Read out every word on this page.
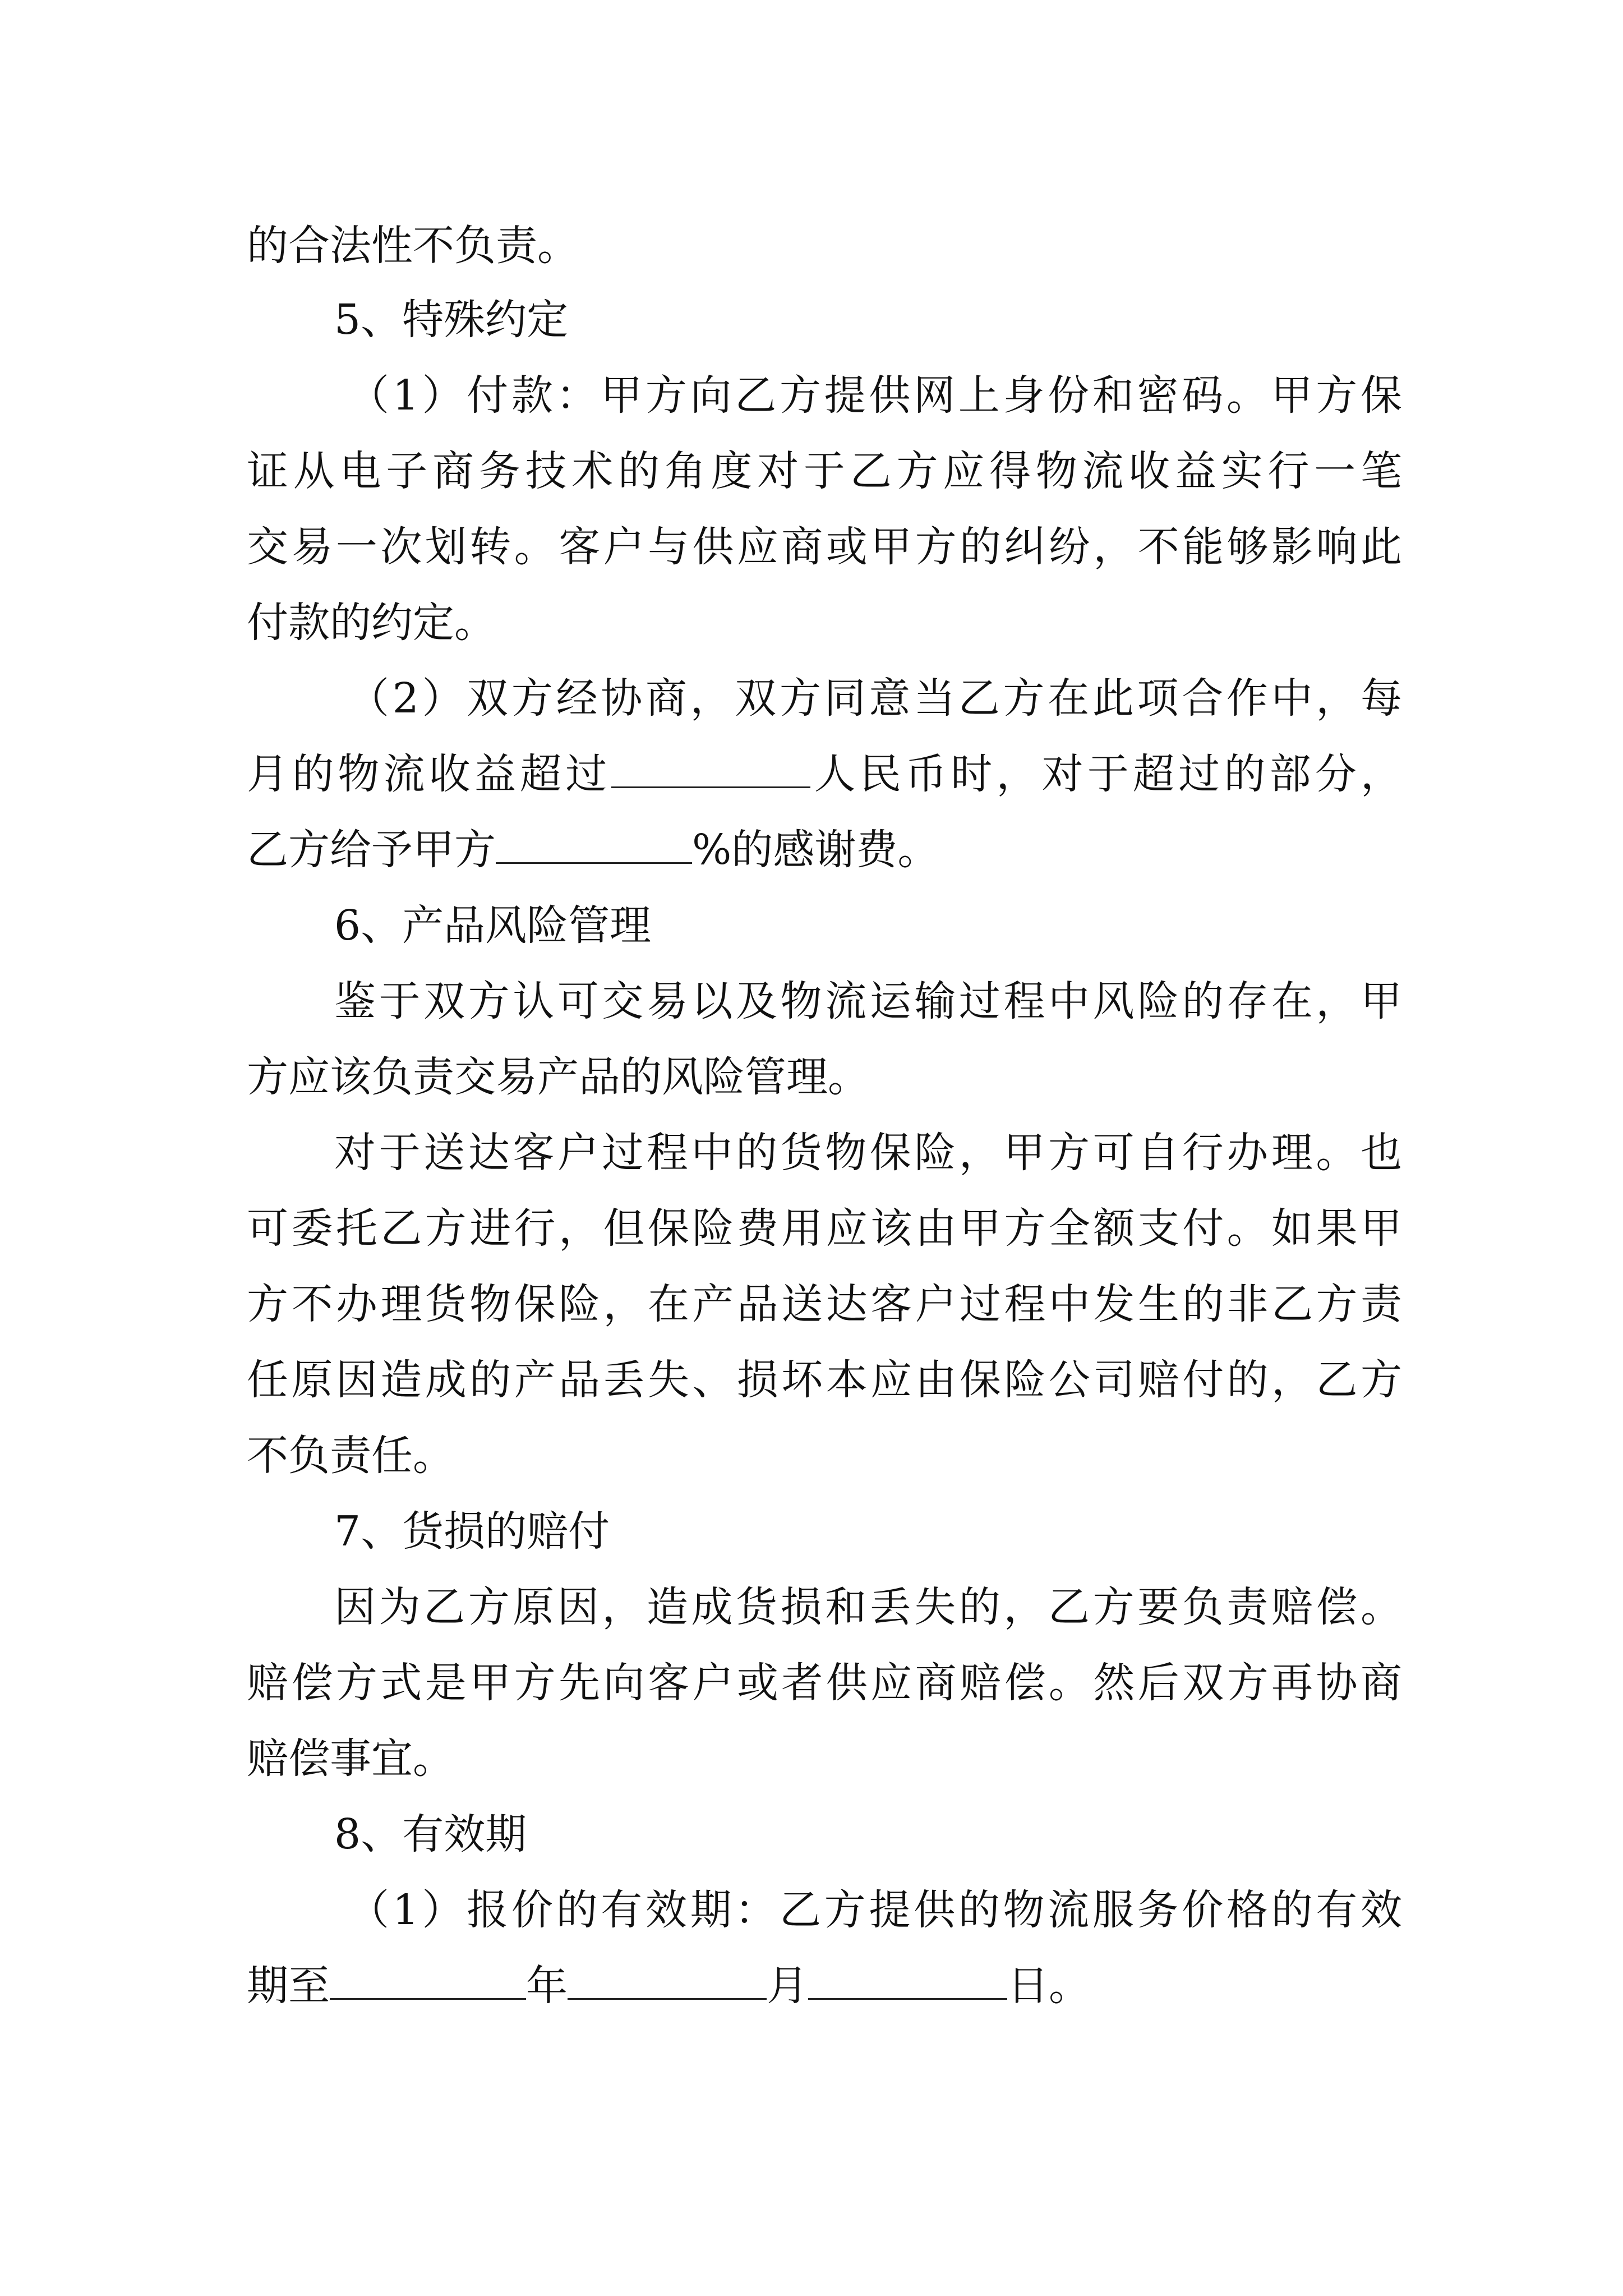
的合法性不负责。

5、特殊约定

（1）付款：甲方向乙方提供网上身份和密码。甲方保

证从电子商务技术的角度对于乙方应得物流收益实行一笔

交易一次划转。客户与供应商或甲方的纠纷，不能够影响此

付款的约定。

（2）双方经协商，双方同意当乙方在此项合作中，每

月的物流收益超过	人民币时，对于超过的部分，

乙方给予甲方	%的感谢费。

6、产品风险管理

鉴于双方认可交易以及物流运输过程中风险的存在，甲

方应该负责交易产品的风险管理。

对于送达客户过程中的货物保险，甲方可自行办理。也

可委托乙方进行，但保险费用应该由甲方全额支付。如果甲

方不办理货物保险，在产品送达客户过程中发生的非乙方责

任原因造成的产品丢失、损坏本应由保险公司赔付的，乙方

不负责任。

7、货损的赔付

因为乙方原因，造成货损和丢失的，乙方要负责赔偿。

赔偿方式是甲方先向客户或者供应商赔偿。然后双方再协商

赔偿事宜。

8、有效期

（1）报价的有效期：乙方提供的物流服务价格的有效

期至	年	月	日。
